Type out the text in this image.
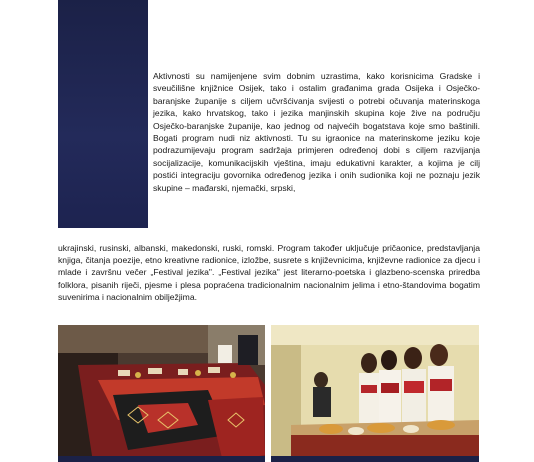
Aktivnosti su namijenjene svim dobnim uzrastima, kako korisnicima Gradske i sveučilišne knjižnice Osijek, tako i ostalim građanima grada Osijeka i Osječko-baranjske županije s ciljem učvršćivanja svijesti o potrebi očuvanja materinskoga jezika, kako hrvatskog, tako i jezika manjinskih skupina koje žive na području Osječko-baranjske županije, kao jednog od najvećih bogatstava koje smo baštinili. Bogati program nudi niz aktivnosti. Tu su igraonice na materinskome jeziku koje podrazumijevaju program sadržaja primjeren određenoj dobi s ciljem razvijanja socijalizacije, komunikacijskih vještina, imaju edukativni karakter, a kojima je cilj postići integraciju govornika određenog jezika i onih sudionika koji ne poznaju jezik skupine – mađarski, njemački, srpski,

ukrajinski, rusinski, albanski, makedonski, ruski, romski. Program također uključuje pričaonice, predstavljanja knjiga, čitanja poezije, etno kreativne radionice, izložbe, susrete s književnicima, književne radionice za djecu i mlade i završnu večer „Festival jezika". „Festival jezika" jest literarno-poetska i glazbeno-scenska priredba folklora, pisanih riječi, pjesme i plesa popraćena tradicionalnim nacionalnim jelima i etno-štandovima bogatim suvenirima i nacionalnim obilježjima.
